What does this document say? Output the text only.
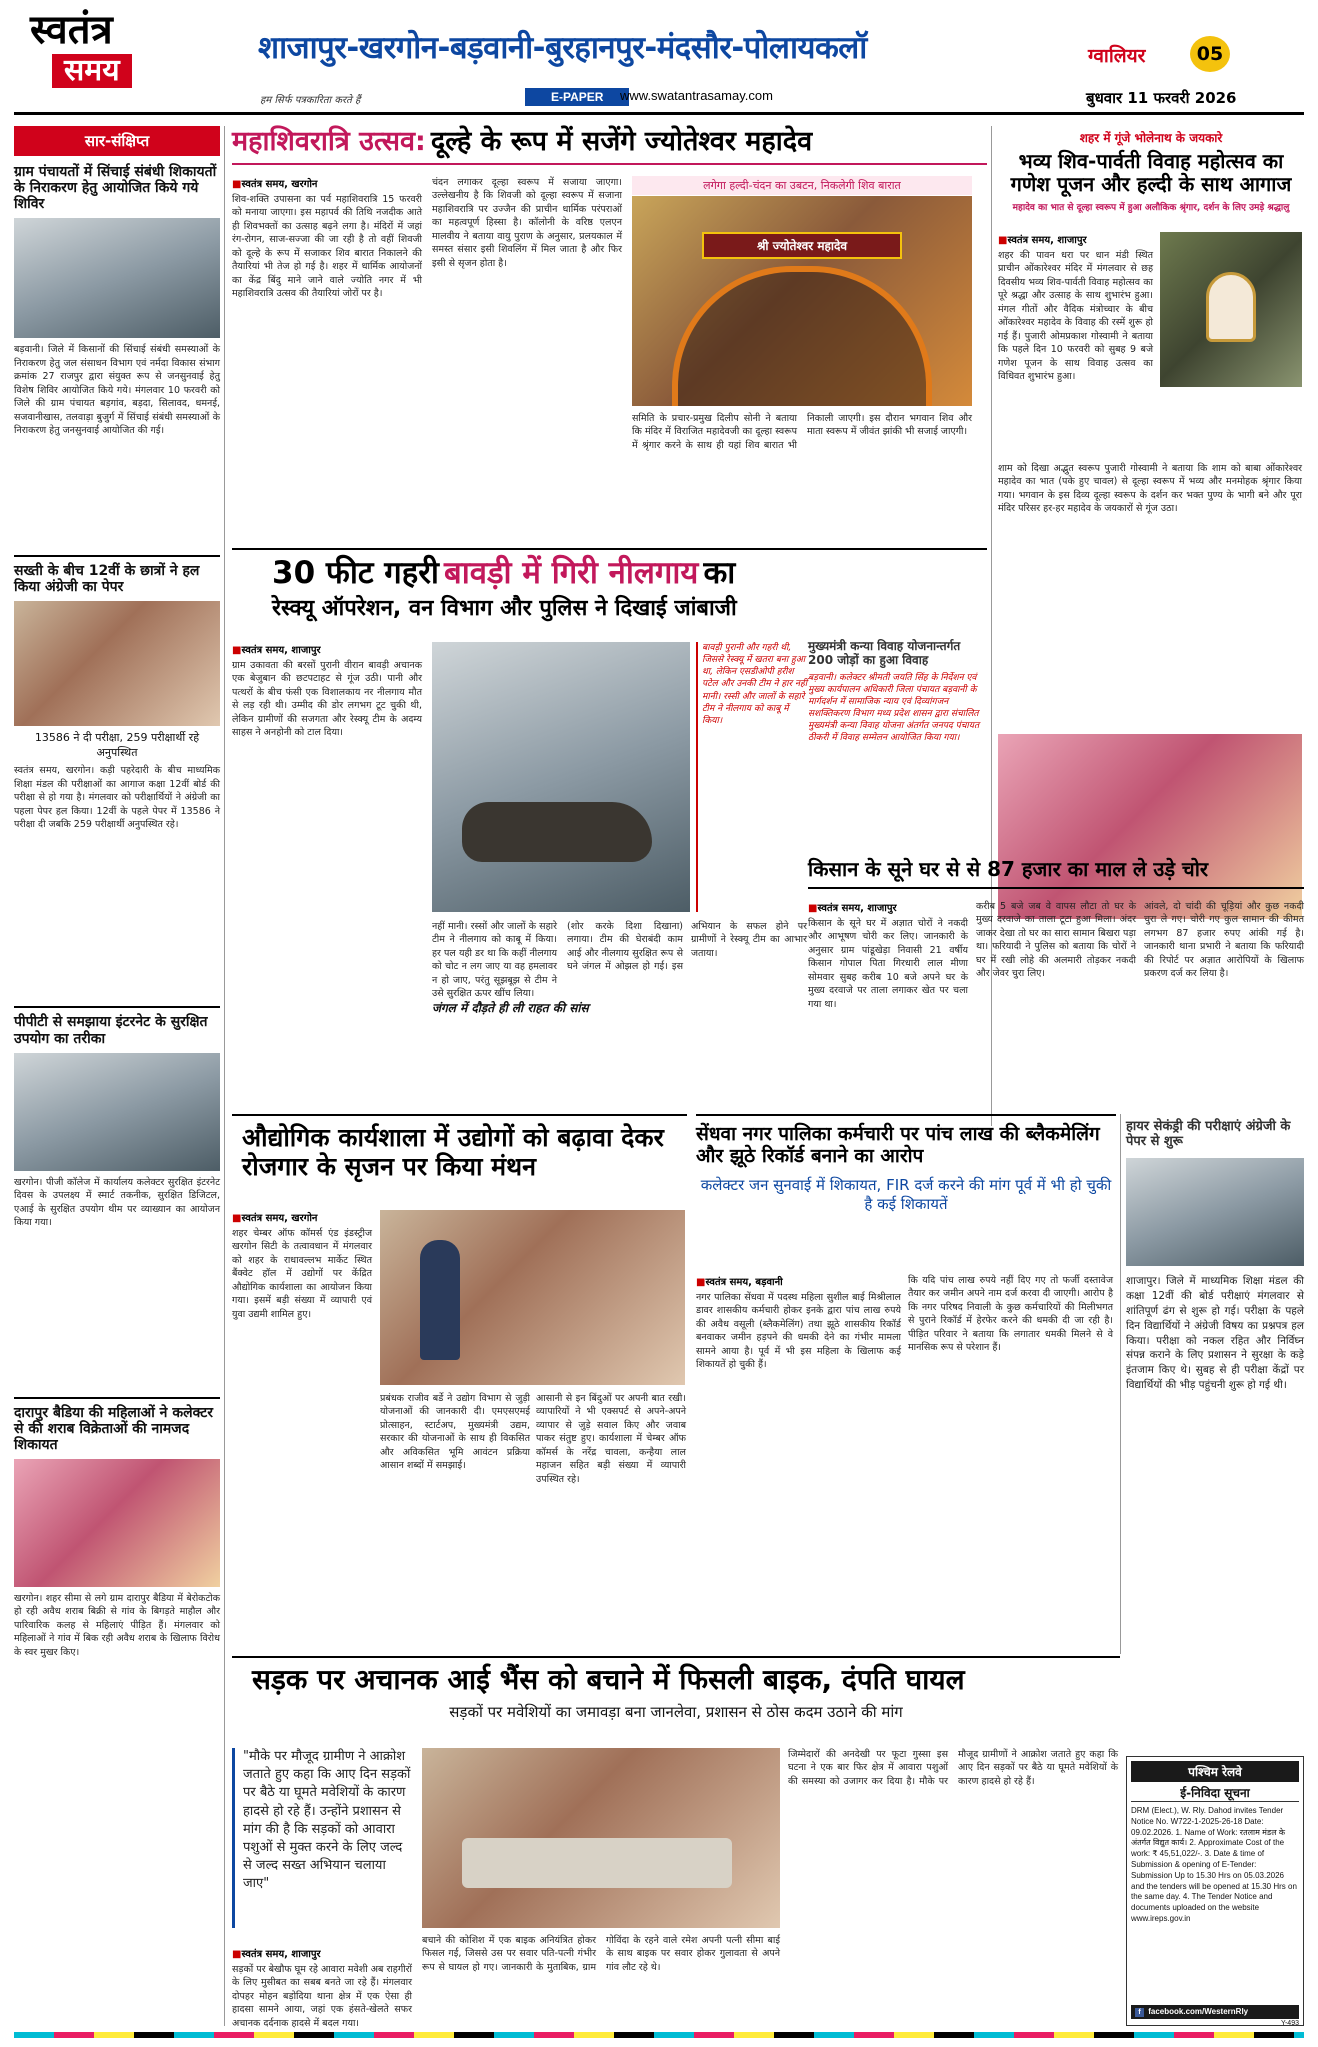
स्वतंत्र
समय
हम सिर्फ पत्रकारिता करते हैं
शाजापुर-खरगोन-बड़वानी-बुरहानपुर-मंदसौर-पोलायकलॉ
E-PAPER	www.swatantrasamay.com
ग्वालियर	05
बुधवार 11 फरवरी 2026
सार-संक्षिप्त
ग्राम पंचायतों में सिंचाई संबंधी शिकायतों के निराकरण हेतु आयोजित किये गये शिविर
बड़वानी। जिले में किसानों की सिंचाई संबंधी समस्याओं के निराकरण हेतु जल संसाधन विभाग एवं नर्मदा विकास संभाग क्रमांक 27 राजपुर द्वारा संयुक्त रूप से जनसुनवाई हेतु विशेष शिविर आयोजित किये गये। मंगलवार 10 फरवरी को जिले की ग्राम पंचायत बड़गांव, बड़दा, सिलावद, धमनई, सजवानीखास, तलवाड़ा बुजुर्ग में सिंचाई संबंधी समस्याओं के निराकरण हेतु जनसुनवाई आयोजित की गई।
सख्ती के बीच 12वीं के छात्रों ने हल किया अंग्रेजी का पेपर
13586 ने दी परीक्षा, 259 परीक्षार्थी रहे अनुपस्थित
स्वतंत्र समय, खरगोन। कड़ी पहरेदारी के बीच माध्यमिक शिक्षा मंडल की परीक्षाओं का आगाज कक्षा 12वीं बोर्ड की परीक्षा से हो गया है। मंगलवार को परीक्षार्थियों ने अंग्रेजी का पहला पेपर हल किया। 12वीं के पहले पेपर में 13586 ने परीक्षा दी जबकि 259 परीक्षार्थी अनुपस्थित रहे।
पीपीटी से समझाया इंटरनेट के सुरक्षित उपयोग का तरीका
खरगोन। पीजी कॉलेज में कार्यालय कलेक्टर सुरक्षित इंटरनेट दिवस के उपलक्ष्य में स्मार्ट तकनीक, सुरक्षित डिजिटल, एआई के सुरक्षित उपयोग थीम पर व्याख्यान का आयोजन किया गया।
दारापुर बैडिया की महिलाओं ने कलेक्टर से की शराब विक्रेताओं की नामजद शिकायत
खरगोन। शहर सीमा से लगे ग्राम दारापुर बैडिया में बेरोकटोक हो रही अवैध शराब बिक्री से गांव के बिगड़ते माहौल और पारिवारिक कलह से महिलाएं पीड़ित हैं। मंगलवार को महिलाओं ने गांव में बिक रही अवैध शराब के खिलाफ विरोध के स्वर मुखर किए।
महाशिवरात्रि उत्सव: दूल्हे के रूप में सजेंगे ज्योतेश्वर महादेव
■ स्वतंत्र समय, खरगोन
शिव-शक्ति उपासना का पर्व महाशिवरात्रि 15 फरवरी को मनाया जाएगा। इस महापर्व की तिथि नजदीक आते ही शिवभक्तों का उत्साह बढ़ने लगा है। मंदिरों में जहां रंग-रोगन, साज-सज्जा की जा रही है तो वहीं शिवजी को दूल्हे के रूप में सजाकर शिव बारात निकालने की तैयारियां भी तेज हो गई है। शहर में धार्मिक आयोजनों का केंद्र बिंदु माने जाने वाले ज्योति नगर में भी महाशिवरात्रि उत्सव की तैयारियां जोरों पर है।
चंदन लगाकर दूल्हा स्वरूप में सजाया जाएगा। उल्लेखनीय है कि शिवजी को दूल्हा स्वरूप में सजाना महाशिवरात्रि पर उज्जैन की प्राचीन धार्मिक परंपराओं का महत्वपूर्ण हिस्सा है। कॉलोनी के वरिष्ठ एलएन मालवीय ने बताया वायु पुराण के अनुसार, प्रलयकाल में समस्त संसार इसी शिवलिंग में मिल जाता है और फिर इसी से सृजन होता है।
लगेगा हल्दी-चंदन का उबटन, निकलेगी शिव बारात
श्री ज्योतेश्वर महादेव
समिति के प्रचार-प्रमुख दिलीप सोनी ने बताया कि मंदिर में विराजित महादेवजी का दूल्हा स्वरूप में श्रृंगार करने के साथ ही यहां शिव बारात भी निकाली जाएगी। इस दौरान भगवान शिव और माता स्वरूप में जीवंत झांकी भी सजाई जाएगी।
शहर में गूंजे भोलेनाथ के जयकारे
भव्य शिव-पार्वती विवाह महोत्सव का गणेश पूजन और हल्दी के साथ आगाज
महादेव का भात से दूल्हा स्वरूप में हुआ अलौकिक श्रृंगार, दर्शन के लिए उमड़े श्रद्धालु
■ स्वतंत्र समय, शाजापुर
शहर की पावन धरा पर धान मंडी स्थित प्राचीन ओंकारेश्वर मंदिर में मंगलवार से छह दिवसीय भव्य शिव-पार्वती विवाह महोत्सव का पूरे श्रद्धा और उत्साह के साथ शुभारंभ हुआ। मंगल गीतों और वैदिक मंत्रोच्चार के बीच ओंकारेश्वर महादेव के विवाह की रस्में शुरू हो गई हैं। पुजारी ओमप्रकाश गोस्वामी ने बताया कि पहले दिन 10 फरवरी को सुबह 9 बजे गणेश पूजन के साथ विवाह उत्सव का विधिवत शुभारंभ हुआ।
शाम को दिखा अद्भुत स्वरूप पुजारी गोस्वामी ने बताया कि शाम को बाबा ओंकारेश्वर महादेव का भात (पके हुए चावल) से दूल्हा स्वरूप में भव्य और मनमोहक श्रृंगार किया गया। भगवान के इस दिव्य दूल्हा स्वरूप के दर्शन कर भक्त पुण्य के भागी बने और पूरा मंदिर परिसर हर-हर महादेव के जयकारों से गूंज उठा।
30 फीट गहरी बावड़ी में गिरी नीलगाय का
रेस्क्यू ऑपरेशन, वन विभाग और पुलिस ने दिखाई जांबाजी
■ स्वतंत्र समय, शाजापुर
ग्राम उकावता की बरसों पुरानी वीरान बावड़ी अचानक एक बेजुबान की छटपटाहट से गूंज उठी। पानी और पत्थरों के बीच फंसी एक विशालकाय नर नीलगाय मौत से लड़ रही थी। उम्मीद की डोर लगभग टूट चुकी थी, लेकिन ग्रामीणों की सजगता और रेस्क्यू टीम के अदम्य साहस ने अनहोनी को टाल दिया।
बावड़ी पुरानी और गहरी थी, जिससे रेस्क्यू में खतरा बना हुआ था, लेकिन एसडीओपी हरीश पटेल और उनकी टीम ने हार नहीं मानी। रस्सी और जालों के सहारे टीम ने नीलगाय को काबू में किया।
नहीं मानी। रस्सों और जालों के सहारे टीम ने नीलगाय को काबू में किया। हर पल यही डर था कि कहीं नीलगाय को चोट न लग जाए या वह हमलावर न हो जाए, परंतु सूझबूझ से टीम ने उसे सुरक्षित ऊपर खींच लिया।
जंगल में दौड़ते ही ली राहत की सांस
(शोर करके दिशा दिखाना) लगाया। टीम की घेराबंदी काम आई और नीलगाय सुरक्षित रूप से घने जंगल में ओझल हो गई। इस अभियान के सफल होने पर ग्रामीणों ने रेस्क्यू टीम का आभार जताया।
मुख्यमंत्री कन्या विवाह योजनान्तर्गत 200 जोड़ों का हुआ विवाह
बड़वानी। कलेक्टर श्रीमती जयति सिंह के निर्देशन एवं मुख्य कार्यपालन अधिकारी जिला पंचायत बड़वानी के मार्गदर्शन में सामाजिक न्याय एवं दिव्यांगजन सशक्तिकरण विभाग मध्य प्रदेश शासन द्वारा संचालित मुख्यमंत्री कन्या विवाह योजना अंतर्गत जनपद पंचायत ठीकरी में विवाह सम्मेलन आयोजित किया गया।
किसान के सूने घर से से 87 हजार का माल ले उड़े चोर
■ स्वतंत्र समय, शाजापुर
किसान के सूने घर में अज्ञात चोरों ने नकदी और आभूषण चोरी कर लिए। जानकारी के अनुसार ग्राम पांडूखेड़ा निवासी 21 वर्षीय किसान गोपाल पिता गिरधारी लाल मीणा सोमवार सुबह करीब 10 बजे अपने घर के मुख्य दरवाजे पर ताला लगाकर खेत पर चला गया था।
करीब 5 बजे जब वे वापस लौटा तो घर के मुख्य दरवाजे का ताला टूटा हुआ मिला। अंदर जाकर देखा तो घर का सारा सामान बिखरा पड़ा था। फरियादी ने पुलिस को बताया कि चोरों ने घर में रखी लोहे की अलमारी तोड़कर नकदी और जेवर चुरा लिए।
आंवले, दो चांदी की चूड़ियां और कुछ नकदी चुरा ले गए। चोरी गए कुल सामान की कीमत लगभग 87 हजार रुपए आंकी गई है। जानकारी थाना प्रभारी ने बताया कि फरियादी की रिपोर्ट पर अज्ञात आरोपियों के खिलाफ प्रकरण दर्ज कर लिया है।
औद्योगिक कार्यशाला में उद्योगों को बढ़ावा देकर रोजगार के सृजन पर किया मंथन
■ स्वतंत्र समय, खरगोन
शहर चेम्बर ऑफ कॉमर्स एंड इंडस्ट्रीज खरगोन सिटी के तत्वावधान में मंगलवार को शहर के राधावल्लभ मार्केट स्थित बैंक्वेट हॉल में उद्योगों पर केंद्रित औद्योगिक कार्यशाला का आयोजन किया गया। इसमें बड़ी संख्या में व्यापारी एवं युवा उद्यमी शामिल हुए।
प्रबंधक राजीव बर्डे ने उद्योग विभाग से जुड़ी योजनाओं की जानकारी दी। एमएसएमई प्रोत्साहन, स्टार्टअप, मुख्यमंत्री उद्यम, सरकार की योजनाओं के साथ ही विकसित और अविकसित भूमि आवंटन प्रक्रिया आसान शब्दों में समझाई।
आसानी से इन बिंदुओं पर अपनी बात रखी। व्यापारियों ने भी एक्सपर्ट से अपने-अपने व्यापार से जुड़े सवाल किए और जवाब पाकर संतुष्ट हुए। कार्यशाला में चेम्बर ऑफ कॉमर्स के नरेंद्र चावला, कन्हैया लाल महाजन सहित बड़ी संख्या में व्यापारी उपस्थित रहे।
सेंधवा नगर पालिका कर्मचारी पर पांच लाख की ब्लैकमेलिंग और झूठे रिकॉर्ड बनाने का आरोप
कलेक्टर जन सुनवाई में शिकायत, FIR दर्ज करने की मांग पूर्व में भी हो चुकी है कई शिकायतें
■ स्वतंत्र समय, बड़वानी
नगर पालिका सेंधवा में पदस्थ महिला सुशील बाई मिश्रीलाल डावर शासकीय कर्मचारी होकर इनके द्वारा पांच लाख रुपये की अवैध वसूली (ब्लैकमेलिंग) तथा झूठे शासकीय रिकॉर्ड बनवाकर जमीन हड़पने की धमकी देने का गंभीर मामला सामने आया है। पूर्व में भी इस महिला के खिलाफ कई शिकायतें हो चुकी हैं।
कि यदि पांच लाख रुपये नहीं दिए गए तो फर्जी दस्तावेज तैयार कर जमीन अपने नाम दर्ज करवा दी जाएगी। आरोप है कि नगर परिषद निवाली के कुछ कर्मचारियों की मिलीभगत से पुराने रिकॉर्ड में हेरफेर करने की धमकी दी जा रही है। पीड़ित परिवार ने बताया कि लगातार धमकी मिलने से वे मानसिक रूप से परेशान हैं।
हायर सेकंड्री की परीक्षाएं अंग्रेजी के पेपर से शुरू
शाजापुर। जिले में माध्यमिक शिक्षा मंडल की कक्षा 12वीं की बोर्ड परीक्षाएं मंगलवार से शांतिपूर्ण ढंग से शुरू हो गई। परीक्षा के पहले दिन विद्यार्थियों ने अंग्रेजी विषय का प्रश्नपत्र हल किया। परीक्षा को नकल रहित और निर्विघ्न संपन्न कराने के लिए प्रशासन ने सुरक्षा के कड़े इंतजाम किए थे। सुबह से ही परीक्षा केंद्रों पर विद्यार्थियों की भीड़ पहुंचनी शुरू हो गई थी।
सड़क पर अचानक आई भैंस को बचाने में फिसली बाइक, दंपति घायल
सड़कों पर मवेशियों का जमावड़ा बना जानलेवा, प्रशासन से ठोस कदम उठाने की मांग
"मौके पर मौजूद ग्रामीण ने आक्रोश जताते हुए कहा कि आए दिन सड़कों पर बैठे या घूमते मवेशियों के कारण हादसे हो रहे हैं। उन्होंने प्रशासन से मांग की है कि सड़कों को आवारा पशुओं से मुक्त करने के लिए जल्द से जल्द सख्त अभियान चलाया जाए"
■ स्वतंत्र समय, शाजापुर
सड़कों पर बेखौफ घूम रहे आवारा मवेशी अब राहगीरों के लिए मुसीबत का सबब बनते जा रहे हैं। मंगलवार दोपहर मोहन बड़ोदिया थाना क्षेत्र में एक ऐसा ही हादसा सामने आया, जहां एक हंसते-खेलते सफर अचानक दर्दनाक हादसे में बदल गया।
बचाने की कोशिश में एक बाइक अनियंत्रित होकर फिसल गई, जिससे उस पर सवार पति-पत्नी गंभीर रूप से घायल हो गए। जानकारी के मुताबिक, ग्राम गोविंदा के रहने वाले रमेश अपनी पत्नी सीमा बाई के साथ बाइक पर सवार होकर गुलावता से अपने गांव लौट रहे थे।
जिम्मेदारों की अनदेखी पर फूटा गुस्सा इस घटना ने एक बार फिर क्षेत्र में आवारा पशुओं की समस्या को उजागर कर दिया है। मौके पर मौजूद ग्रामीणों ने आक्रोश जताते हुए कहा कि आए दिन सड़कों पर बैठे या घूमते मवेशियों के कारण हादसे हो रहे हैं।
पश्चिम रेलवे
ई-निविदा सूचना
DRM (Elect.), W. Rly. Dahod invites Tender Notice No. W722-1-2025-26-18 Date: 09.02.2026. 1. Name of Work: रतलाम मंडल के अंतर्गत विद्युत कार्य। 2. Approximate Cost of the work: ₹ 45,51,022/-. 3. Date & time of Submission & opening of E-Tender: Submission Up to 15.30 Hrs on 05.03.2026 and the tenders will be opened at 15.30 Hrs on the same day. 4. The Tender Notice and documents uploaded on the website www.ireps.gov.in
f facebook.com/WesternRly
Y-493
